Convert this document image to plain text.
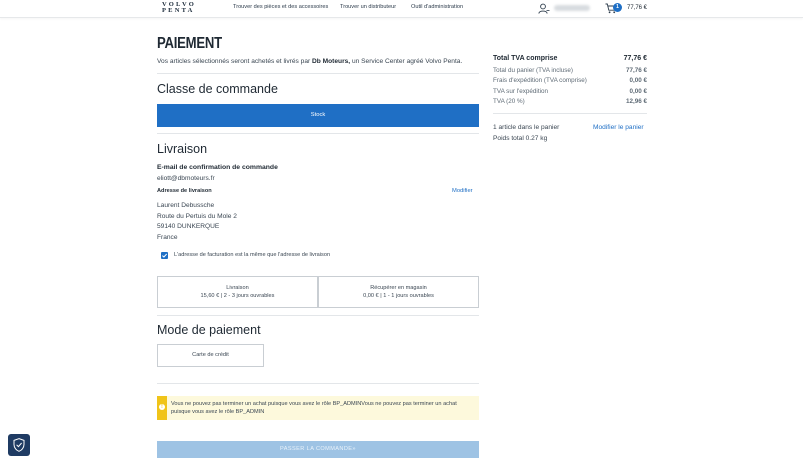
VOLVO
PENTA	Trouver des pièces et des accessoires Trouver un distributeur	Outil d'administration	1	77,76 €
PAIEMENT
Vos articles sélectionnés seront achetés et livrés par Db Moteurs, un Service Center agréé Volvo Penta.
Classe de commande
Stock
Livraison
E-mail de confirmation de commande
eliott@dbmoteurs.fr
Adresse de livraison	Modifier
Laurent Debussche
Route du Pertuis du Mole 2
59140 DUNKERQUE
France
L'adresse de facturation est la même que l'adresse de livraison
Livraison
15,60 € | 2 - 3 jours ouvrables
Récupérer en magasin
0,00 € | 1 - 1 jours ouvrables
Mode de paiement
Carte de crédit
!	Vous ne pouvez pas terminer un achat puisque vous avez le rôle BP_ADMINVous ne pouvez pas terminer un achat puisque vous avez le rôle BP_ADMIN
PASSER LA COMMANDE»
Total TVA comprise	77,76 €
Total du panier (TVA incluse)	77,76 €
Frais d'expédition (TVA comprise)	0,00 €
TVA sur l'expédition	0,00 €
TVA (20 %)	12,96 €
1 article dans le panier	Modifier le panier
Poids total 0.27 kg
